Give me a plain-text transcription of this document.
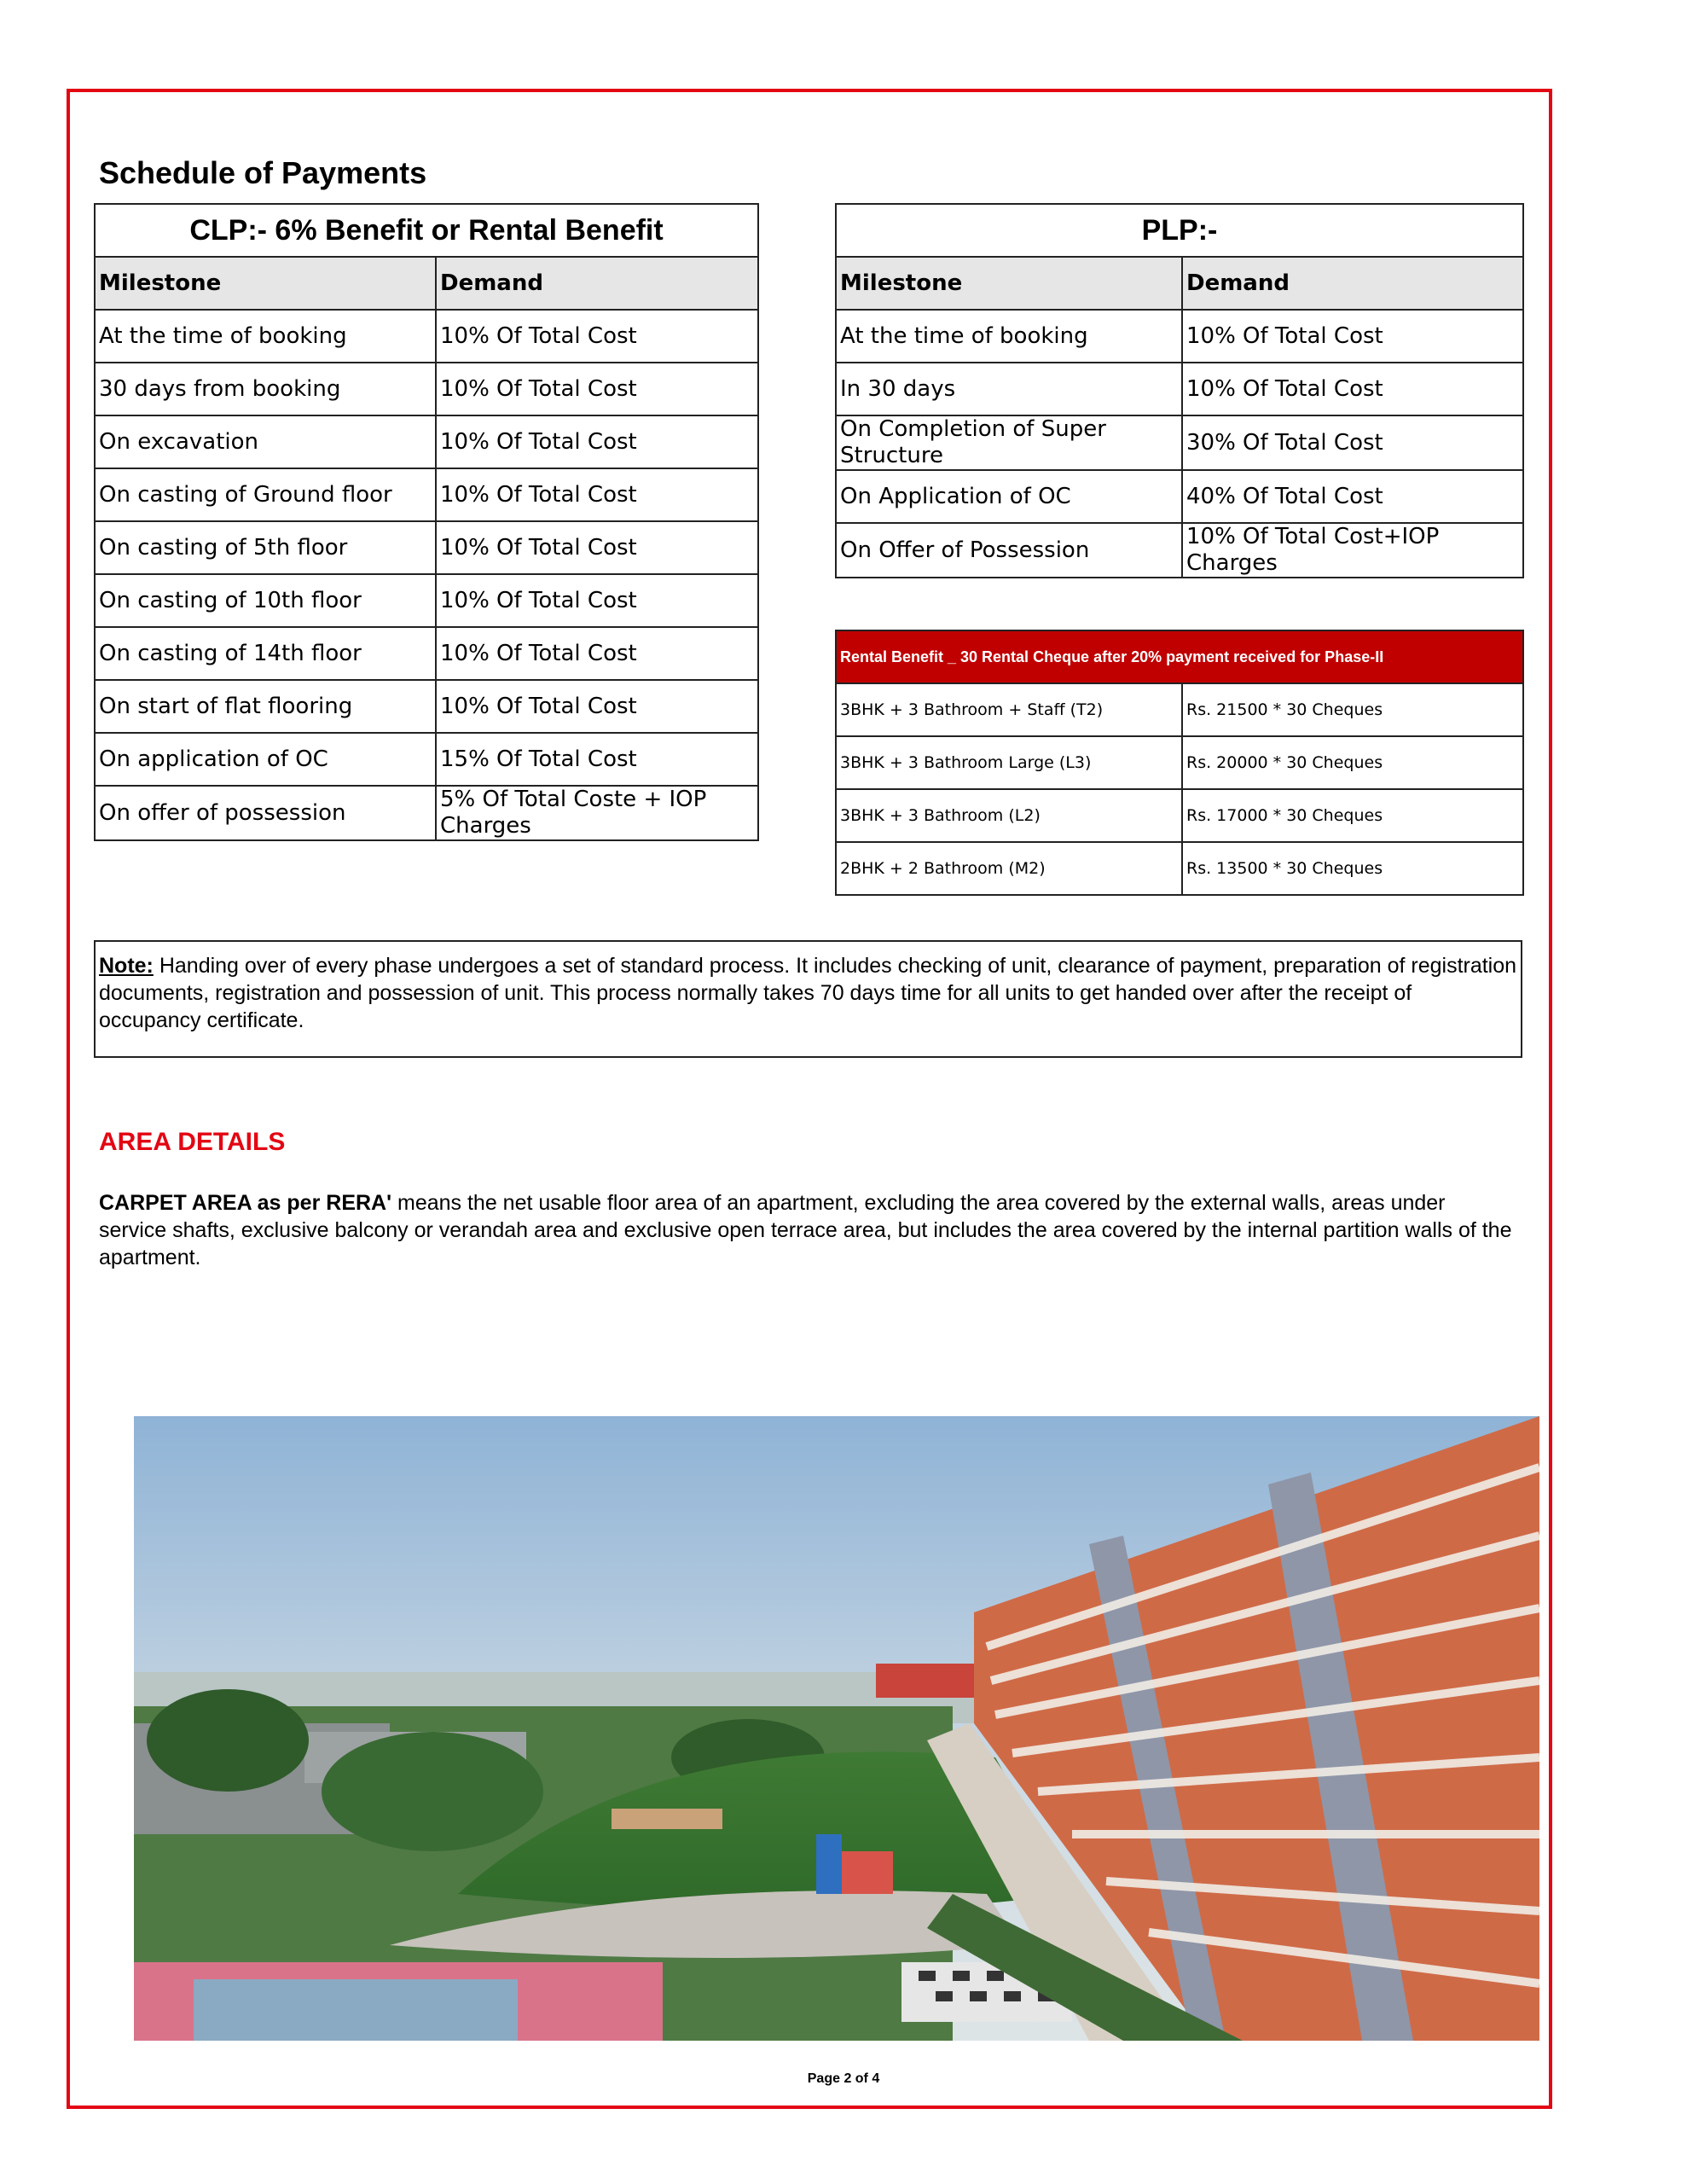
Schedule of Payments
CLP:- 6% Benefit or Rental Benefit	
Milestone	Demand
At the time of booking	10% Of Total Cost
30 days from booking	10% Of Total Cost
On excavation	10% Of Total Cost
On casting of Ground floor	10% Of Total Cost
On casting of 5th floor	10% Of Total Cost
On casting of 10th floor	10% Of Total Cost
On casting of 14th floor	10% Of Total Cost
On start of flat flooring	10% Of Total Cost
On application of OC	15% Of Total Cost
On offer of possession	5% Of Total Coste + IOP Charges
PLP:-	
Milestone	Demand
At the time of booking	10% Of Total Cost
In 30 days	10% Of Total Cost
On Completion of Super Structure	30% Of Total Cost
On Application of OC	40% Of Total Cost
On Offer of Possession	10% Of Total Cost+IOP Charges

Rental Benefit _ 30 Rental Cheque after 20% payment received for Phase-II	
3BHK + 3 Bathroom + Staff (T2)	Rs. 21500 * 30 Cheques
3BHK + 3 Bathroom Large (L3)	Rs. 20000 * 30 Cheques
3BHK + 3 Bathroom (L2)	Rs. 17000 * 30 Cheques
2BHK + 2 Bathroom (M2)	Rs. 13500 * 30 Cheques
Note: Handing over of every phase undergoes a set of standard process. It includes checking of unit, clearance of payment, preparation of registration documents, registration and possession of unit. This process normally takes 70 days time for all units to get handed over after the receipt of occupancy certificate.
AREA DETAILS
CARPET AREA as per RERA' means the net usable floor area of an apartment, excluding the area covered by the external walls, areas under service shafts, exclusive balcony or verandah area and exclusive open terrace area, but includes the area covered by the internal partition walls of the apartment.
Page 2 of 4
